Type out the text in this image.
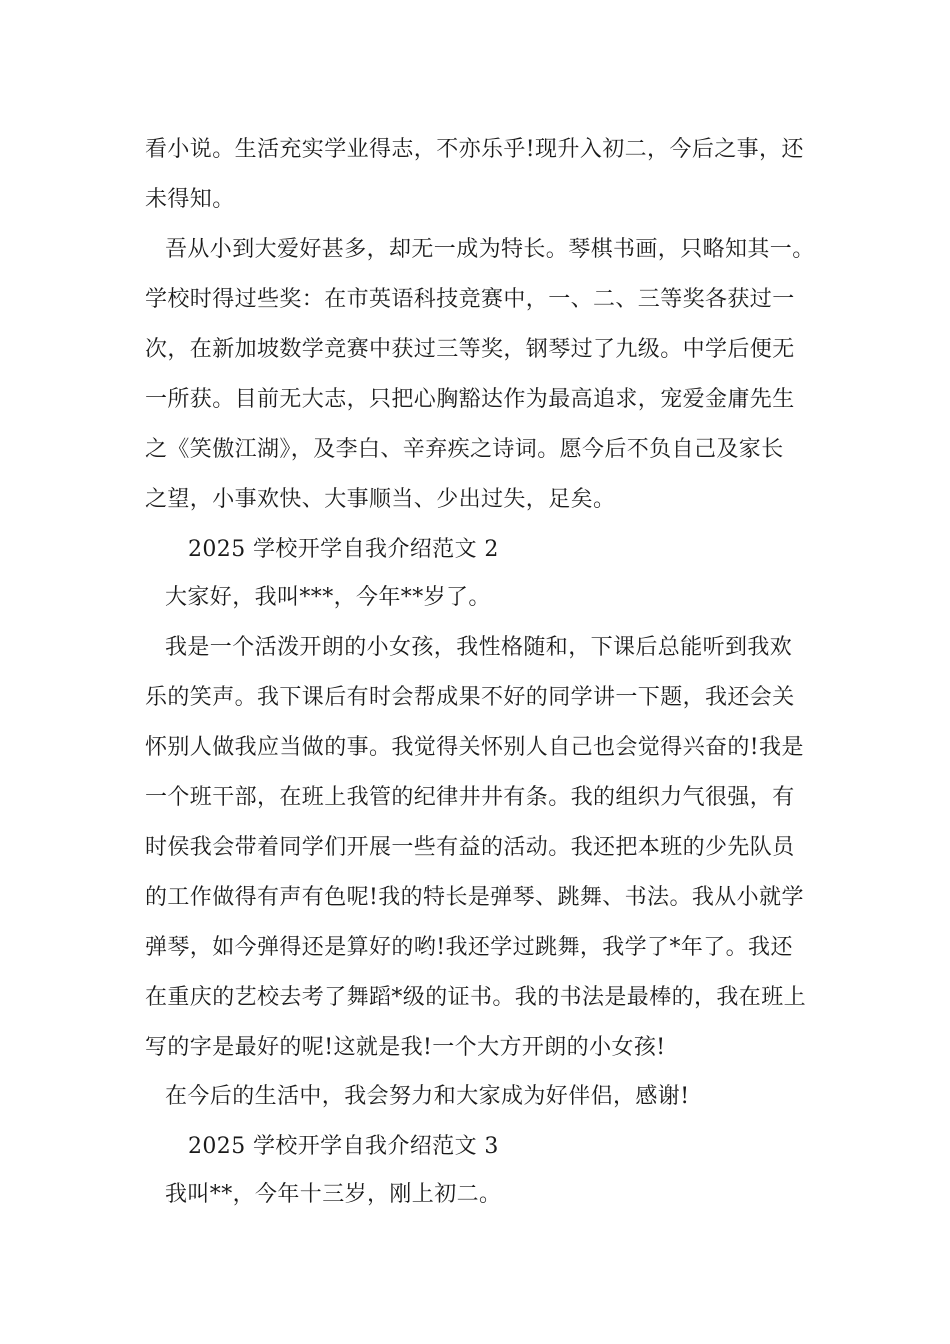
看小说。生活充实学业得志，不亦乐乎!现升入初二，今后之事，还
未得知。
吾从小到大爱好甚多，却无一成为特长。琴棋书画，只略知其一。
学校时得过些奖：在市英语科技竞赛中，一、二、三等奖各获过一
次，在新加坡数学竞赛中获过三等奖，钢琴过了九级。中学后便无
一所获。目前无大志，只把心胸豁达作为最高追求，宠爱金庸先生
之《笑傲江湖》，及李白、辛弃疾之诗词。愿今后不负自己及家长
之望，小事欢快、大事顺当、少出过失，足矣。
2025 学校开学自我介绍范文 2
大家好，我叫***，今年**岁了。
我是一个活泼开朗的小女孩，我性格随和，下课后总能听到我欢
乐的笑声。我下课后有时会帮成果不好的同学讲一下题，我还会关
怀别人做我应当做的事。我觉得关怀别人自己也会觉得兴奋的!我是
一个班干部，在班上我管的纪律井井有条。我的组织力气很强，有
时侯我会带着同学们开展一些有益的活动。我还把本班的少先队员
的工作做得有声有色呢!我的特长是弹琴、跳舞、书法。我从小就学
弹琴，如今弹得还是算好的哟!我还学过跳舞，我学了*年了。我还
在重庆的艺校去考了舞蹈*级的证书。我的书法是最棒的，我在班上
写的字是最好的呢!这就是我!一个大方开朗的小女孩!
在今后的生活中，我会努力和大家成为好伴侣，感谢!
2025 学校开学自我介绍范文 3
我叫**，今年十三岁，刚上初二。
